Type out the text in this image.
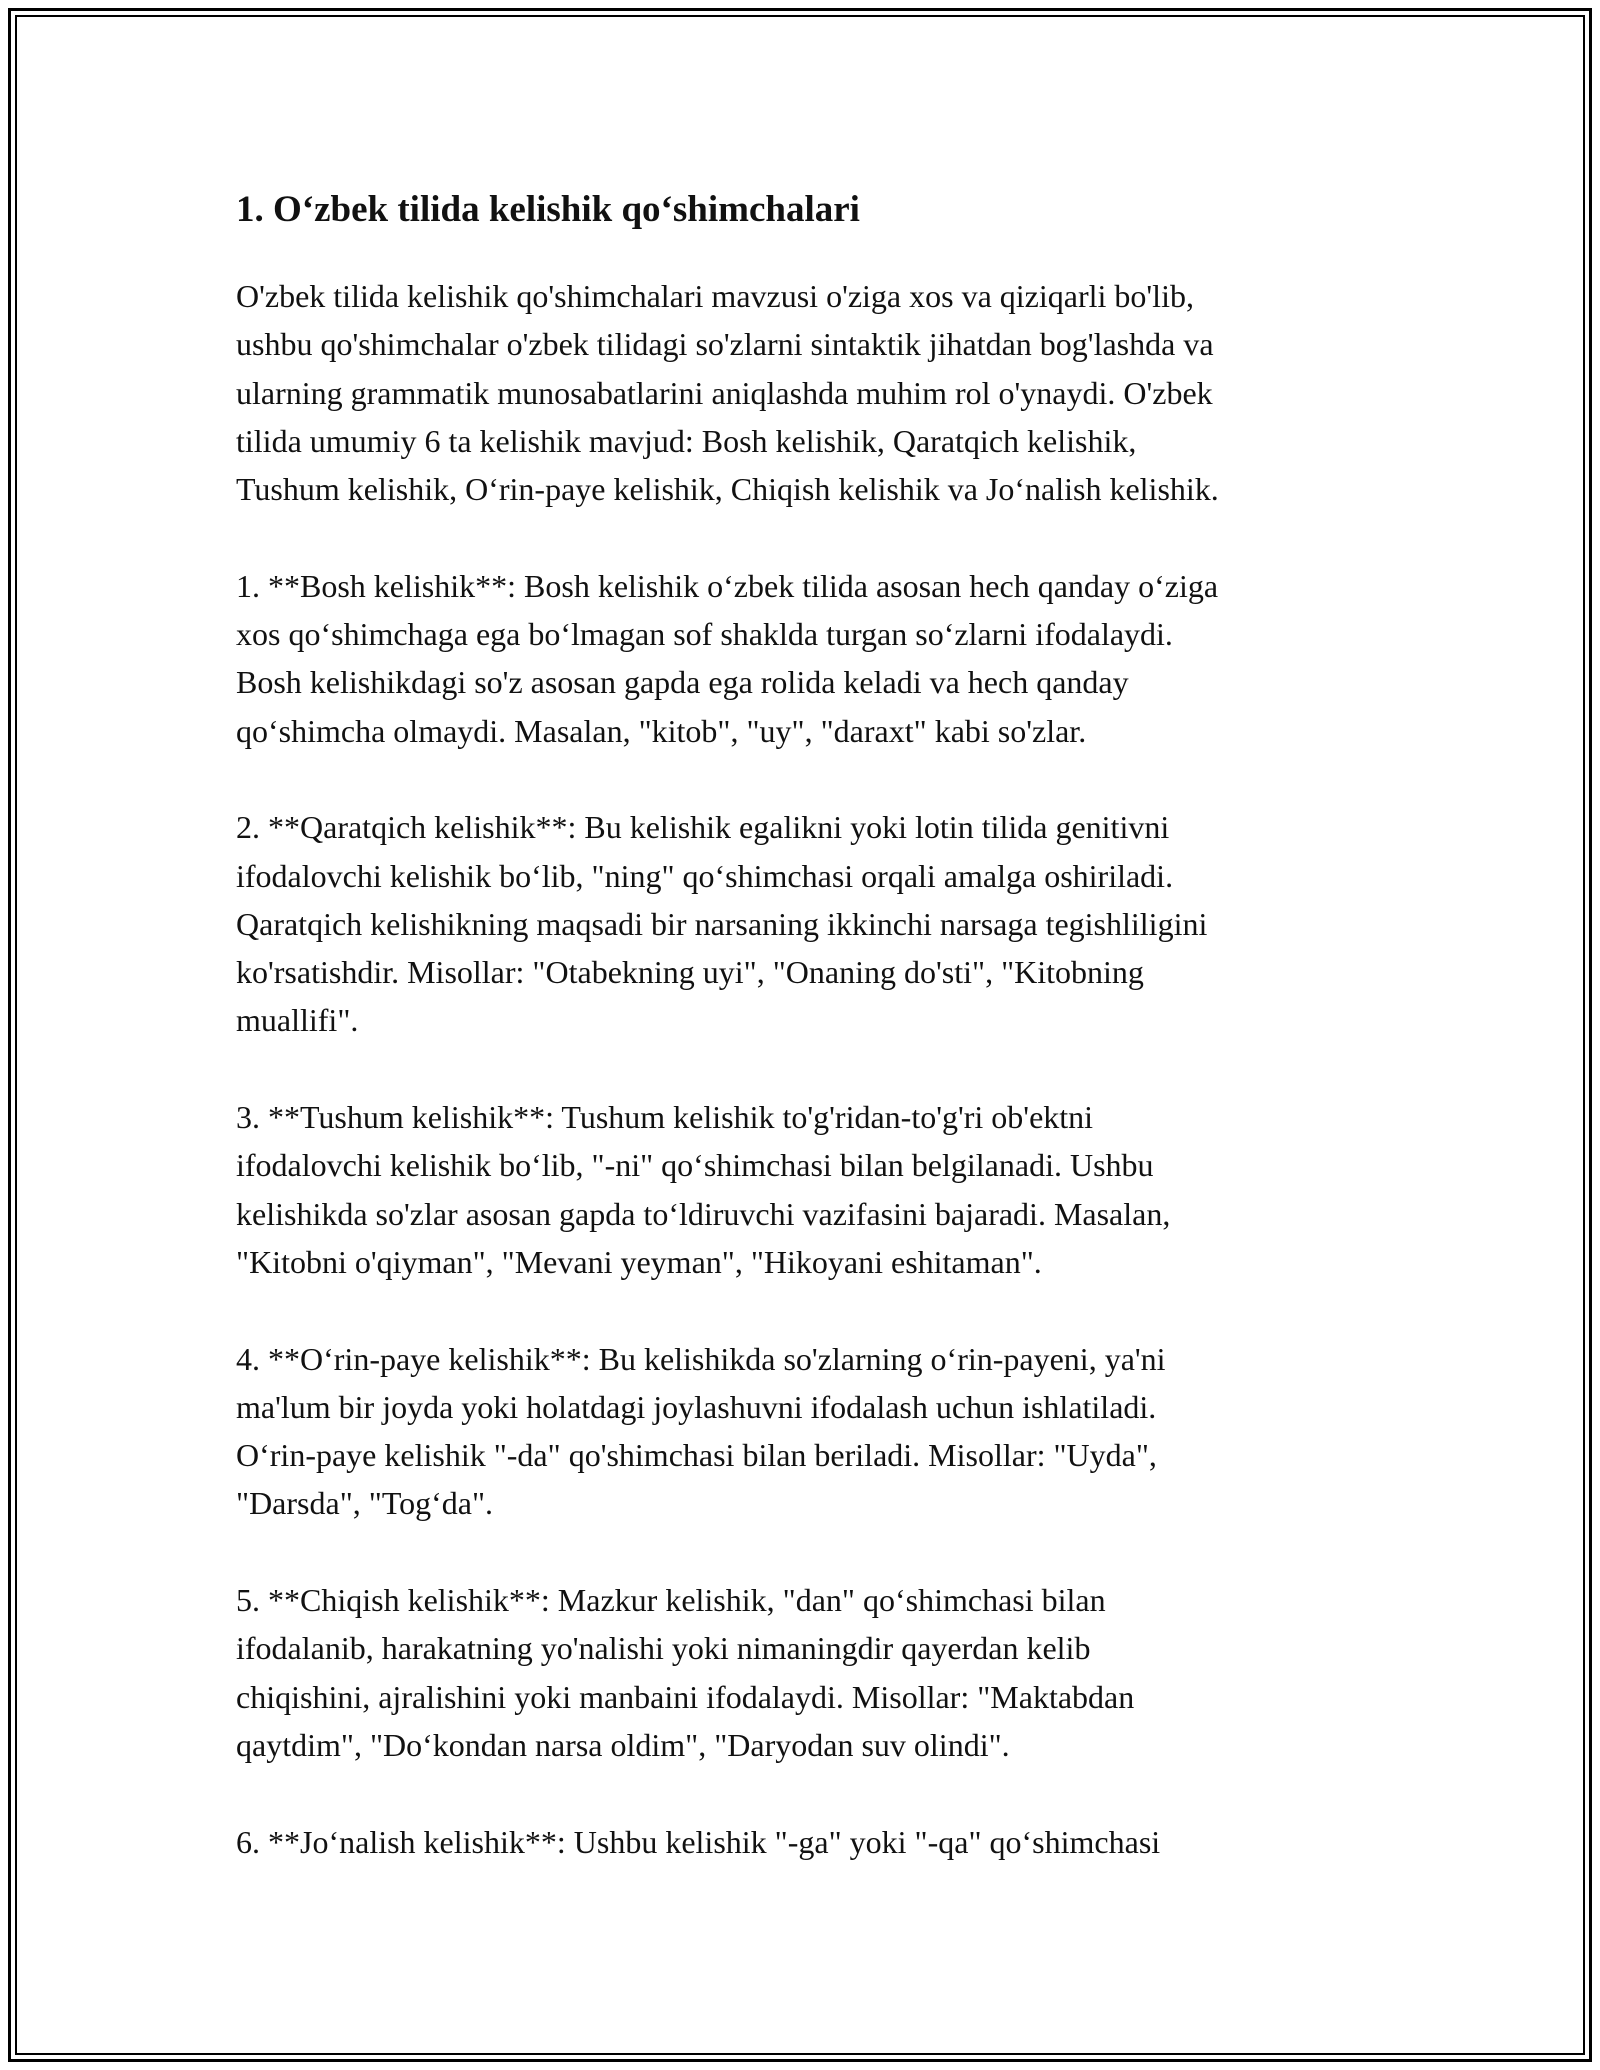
1. O‘zbek tilida kelishik qo‘shimchalari

O'zbek tilida kelishik qo'shimchalari mavzusi o'ziga xos va qiziqarli bo'lib,
ushbu qo'shimchalar o'zbek tilidagi so'zlarni sintaktik jihatdan bog'lashda va
ularning grammatik munosabatlarini aniqlashda muhim rol o'ynaydi. O'zbek
tilida umumiy 6 ta kelishik mavjud: Bosh kelishik, Qaratqich kelishik,
Tushum kelishik, O‘rin-paye kelishik, Chiqish kelishik va Jo‘nalish kelishik.

1. **Bosh kelishik**: Bosh kelishik o‘zbek tilida asosan hech qanday o‘ziga
xos qo‘shimchaga ega bo‘lmagan sof shaklda turgan so‘zlarni ifodalaydi.
Bosh kelishikdagi so'z asosan gapda ega rolida keladi va hech qanday
qo‘shimcha olmaydi. Masalan, "kitob", "uy", "daraxt" kabi so'zlar.

2. **Qaratqich kelishik**: Bu kelishik egalikni yoki lotin tilida genitivni
ifodalovchi kelishik bo‘lib, "ning" qo‘shimchasi orqali amalga oshiriladi.
Qaratqich kelishikning maqsadi bir narsaning ikkinchi narsaga tegishliligini
ko'rsatishdir. Misollar: "Otabekning uyi", "Onaning do'sti", "Kitobning
muallifi".

3. **Tushum kelishik**: Tushum kelishik to'g'ridan-to'g'ri ob'ektni
ifodalovchi kelishik bo‘lib, "-ni" qo‘shimchasi bilan belgilanadi. Ushbu
kelishikda so'zlar asosan gapda to‘ldiruvchi vazifasini bajaradi. Masalan,
"Kitobni o'qiyman", "Mevani yeyman", "Hikoyani eshitaman".

4. **O‘rin-paye kelishik**: Bu kelishikda so'zlarning o‘rin-payeni, ya'ni
ma'lum bir joyda yoki holatdagi joylashuvni ifodalash uchun ishlatiladi.
O‘rin-paye kelishik "-da" qo'shimchasi bilan beriladi. Misollar: "Uyda",
"Darsda", "Tog‘da".

5. **Chiqish kelishik**: Mazkur kelishik, "dan" qo‘shimchasi bilan
ifodalanib, harakatning yo'nalishi yoki nimaningdir qayerdan kelib
chiqishini, ajralishini yoki manbaini ifodalaydi. Misollar: "Maktabdan
qaytdim", "Do‘kondan narsa oldim", "Daryodan suv olindi".

6. **Jo‘nalish kelishik**: Ushbu kelishik "-ga" yoki "-qa" qo‘shimchasi
